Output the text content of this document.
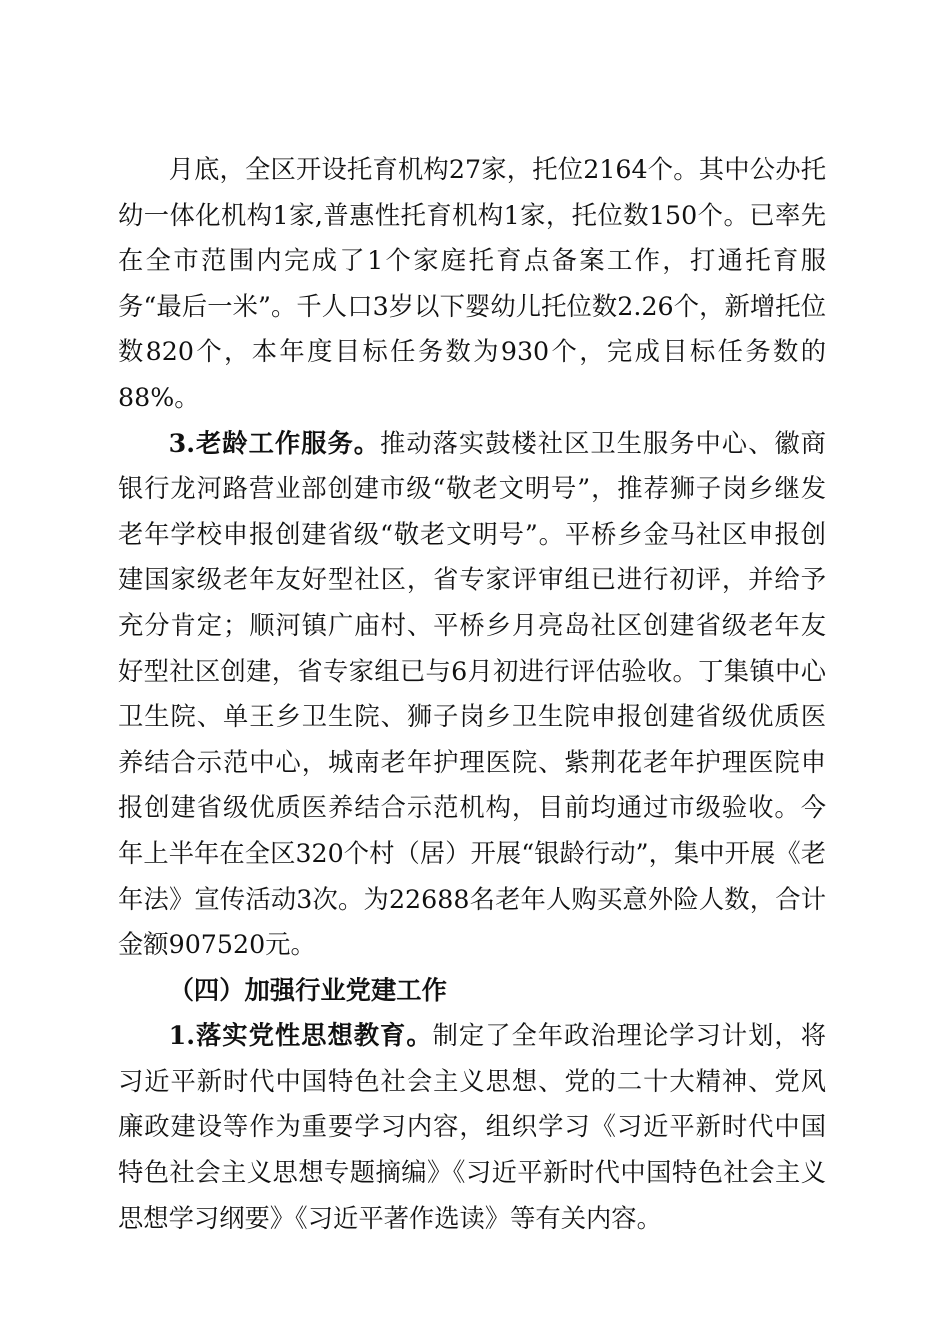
月底，全区开设托育机构27家，托位2164个。其中公办托幼一体化机构1家,普惠性托育机构1家，托位数150个。已率先在全市范围内完成了1个家庭托育点备案工作，打通托育服务“最后一米”。千人口3岁以下婴幼儿托位数2.26个，新增托位数820个，本年度目标任务数为930个，完成目标任务数的88%。

3.老龄工作服务。推动落实鼓楼社区卫生服务中心、徽商银行龙河路营业部创建市级“敬老文明号”，推荐狮子岗乡继发老年学校申报创建省级“敬老文明号”。平桥乡金马社区申报创建国家级老年友好型社区，省专家评审组已进行初评，并给予充分肯定；顺河镇广庙村、平桥乡月亮岛社区创建省级老年友好型社区创建，省专家组已与6月初进行评估验收。丁集镇中心卫生院、单王乡卫生院、狮子岗乡卫生院申报创建省级优质医养结合示范中心，城南老年护理医院、紫荆花老年护理医院申报创建省级优质医养结合示范机构，目前均通过市级验收。今年上半年在全区320个村（居）开展“银龄行动”，集中开展《老年法》宣传活动3次。为22688名老年人购买意外险人数，合计金额907520元。

（四）加强行业党建工作

1.落实党性思想教育。制定了全年政治理论学习计划，将习近平新时代中国特色社会主义思想、党的二十大精神、党风廉政建设等作为重要学习内容，组织学习《习近平新时代中国特色社会主义思想专题摘编》《习近平新时代中国特色社会主义思想学习纲要》《习近平著作选读》等有关内容。
